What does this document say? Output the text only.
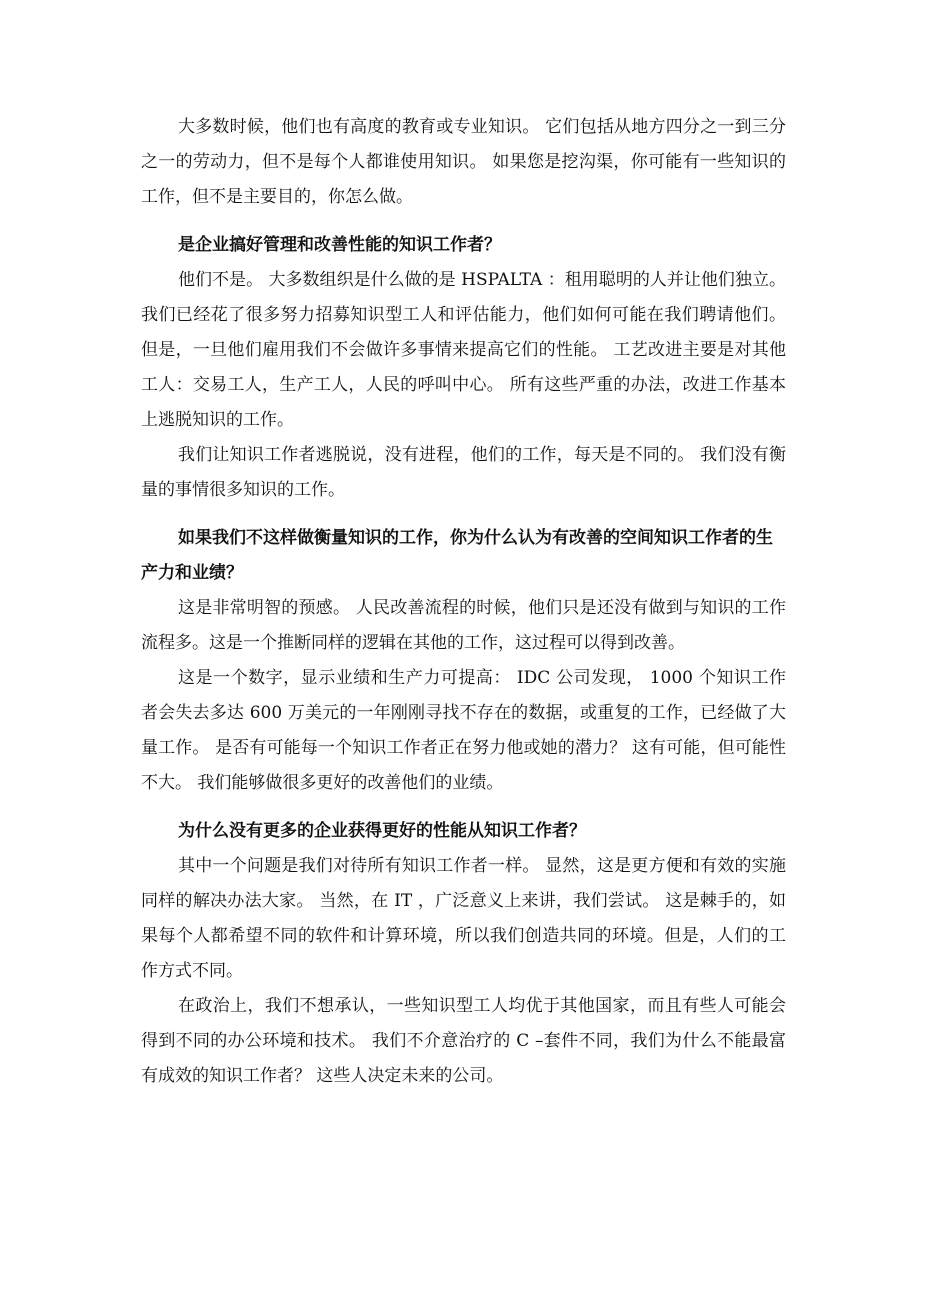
大多数时候，他们也有高度的教育或专业知识。 它们包括从地方四分之一到三分之一的劳动力，但不是每个人都谁使用知识。 如果您是挖沟渠，你可能有一些知识的工作，但不是主要目的，你怎么做。

是企业搞好管理和改善性能的知识工作者？

他们不是。 大多数组织是什么做的是 HSPALTA ：租用聪明的人并让他们独立。 我们已经花了很多努力招募知识型工人和评估能力，他们如何可能在我们聘请他们。 但是，一旦他们雇用我们不会做许多事情来提高它们的性能。 工艺改进主要是对其他工人：交易工人，生产工人，人民的呼叫中心。 所有这些严重的办法，改进工作基本上逃脱知识的工作。

我们让知识工作者逃脱说，没有进程，他们的工作，每天是不同的。 我们没有衡量的事情很多知识的工作。

如果我们不这样做衡量知识的工作，你为什么认为有改善的空间知识工作者的生产力和业绩？

这是非常明智的预感。 人民改善流程的时候，他们只是还没有做到与知识的工作流程多。这是一个推断同样的逻辑在其他的工作，这过程可以得到改善。

这是一个数字，显示业绩和生产力可提高： IDC 公司发现， 1000 个知识工作者会失去多达 600 万美元的一年刚刚寻找不存在的数据，或重复的工作，已经做了大量工作。 是否有可能每一个知识工作者正在努力他或她的潜力？ 这有可能，但可能性不大。 我们能够做很多更好的改善他们的业绩。

为什么没有更多的企业获得更好的性能从知识工作者？

其中一个问题是我们对待所有知识工作者一样。 显然，这是更方便和有效的实施同样的解决办法大家。 当然，在 IT ，广泛意义上来讲，我们尝试。 这是棘手的，如果每个人都希望不同的软件和计算环境，所以我们创造共同的环境。但是，人们的工作方式不同。

在政治上，我们不想承认，一些知识型工人均优于其他国家，而且有些人可能会得到不同的办公环境和技术。 我们不介意治疗的 C –套件不同，我们为什么不能最富有成效的知识工作者？ 这些人决定未来的公司。
